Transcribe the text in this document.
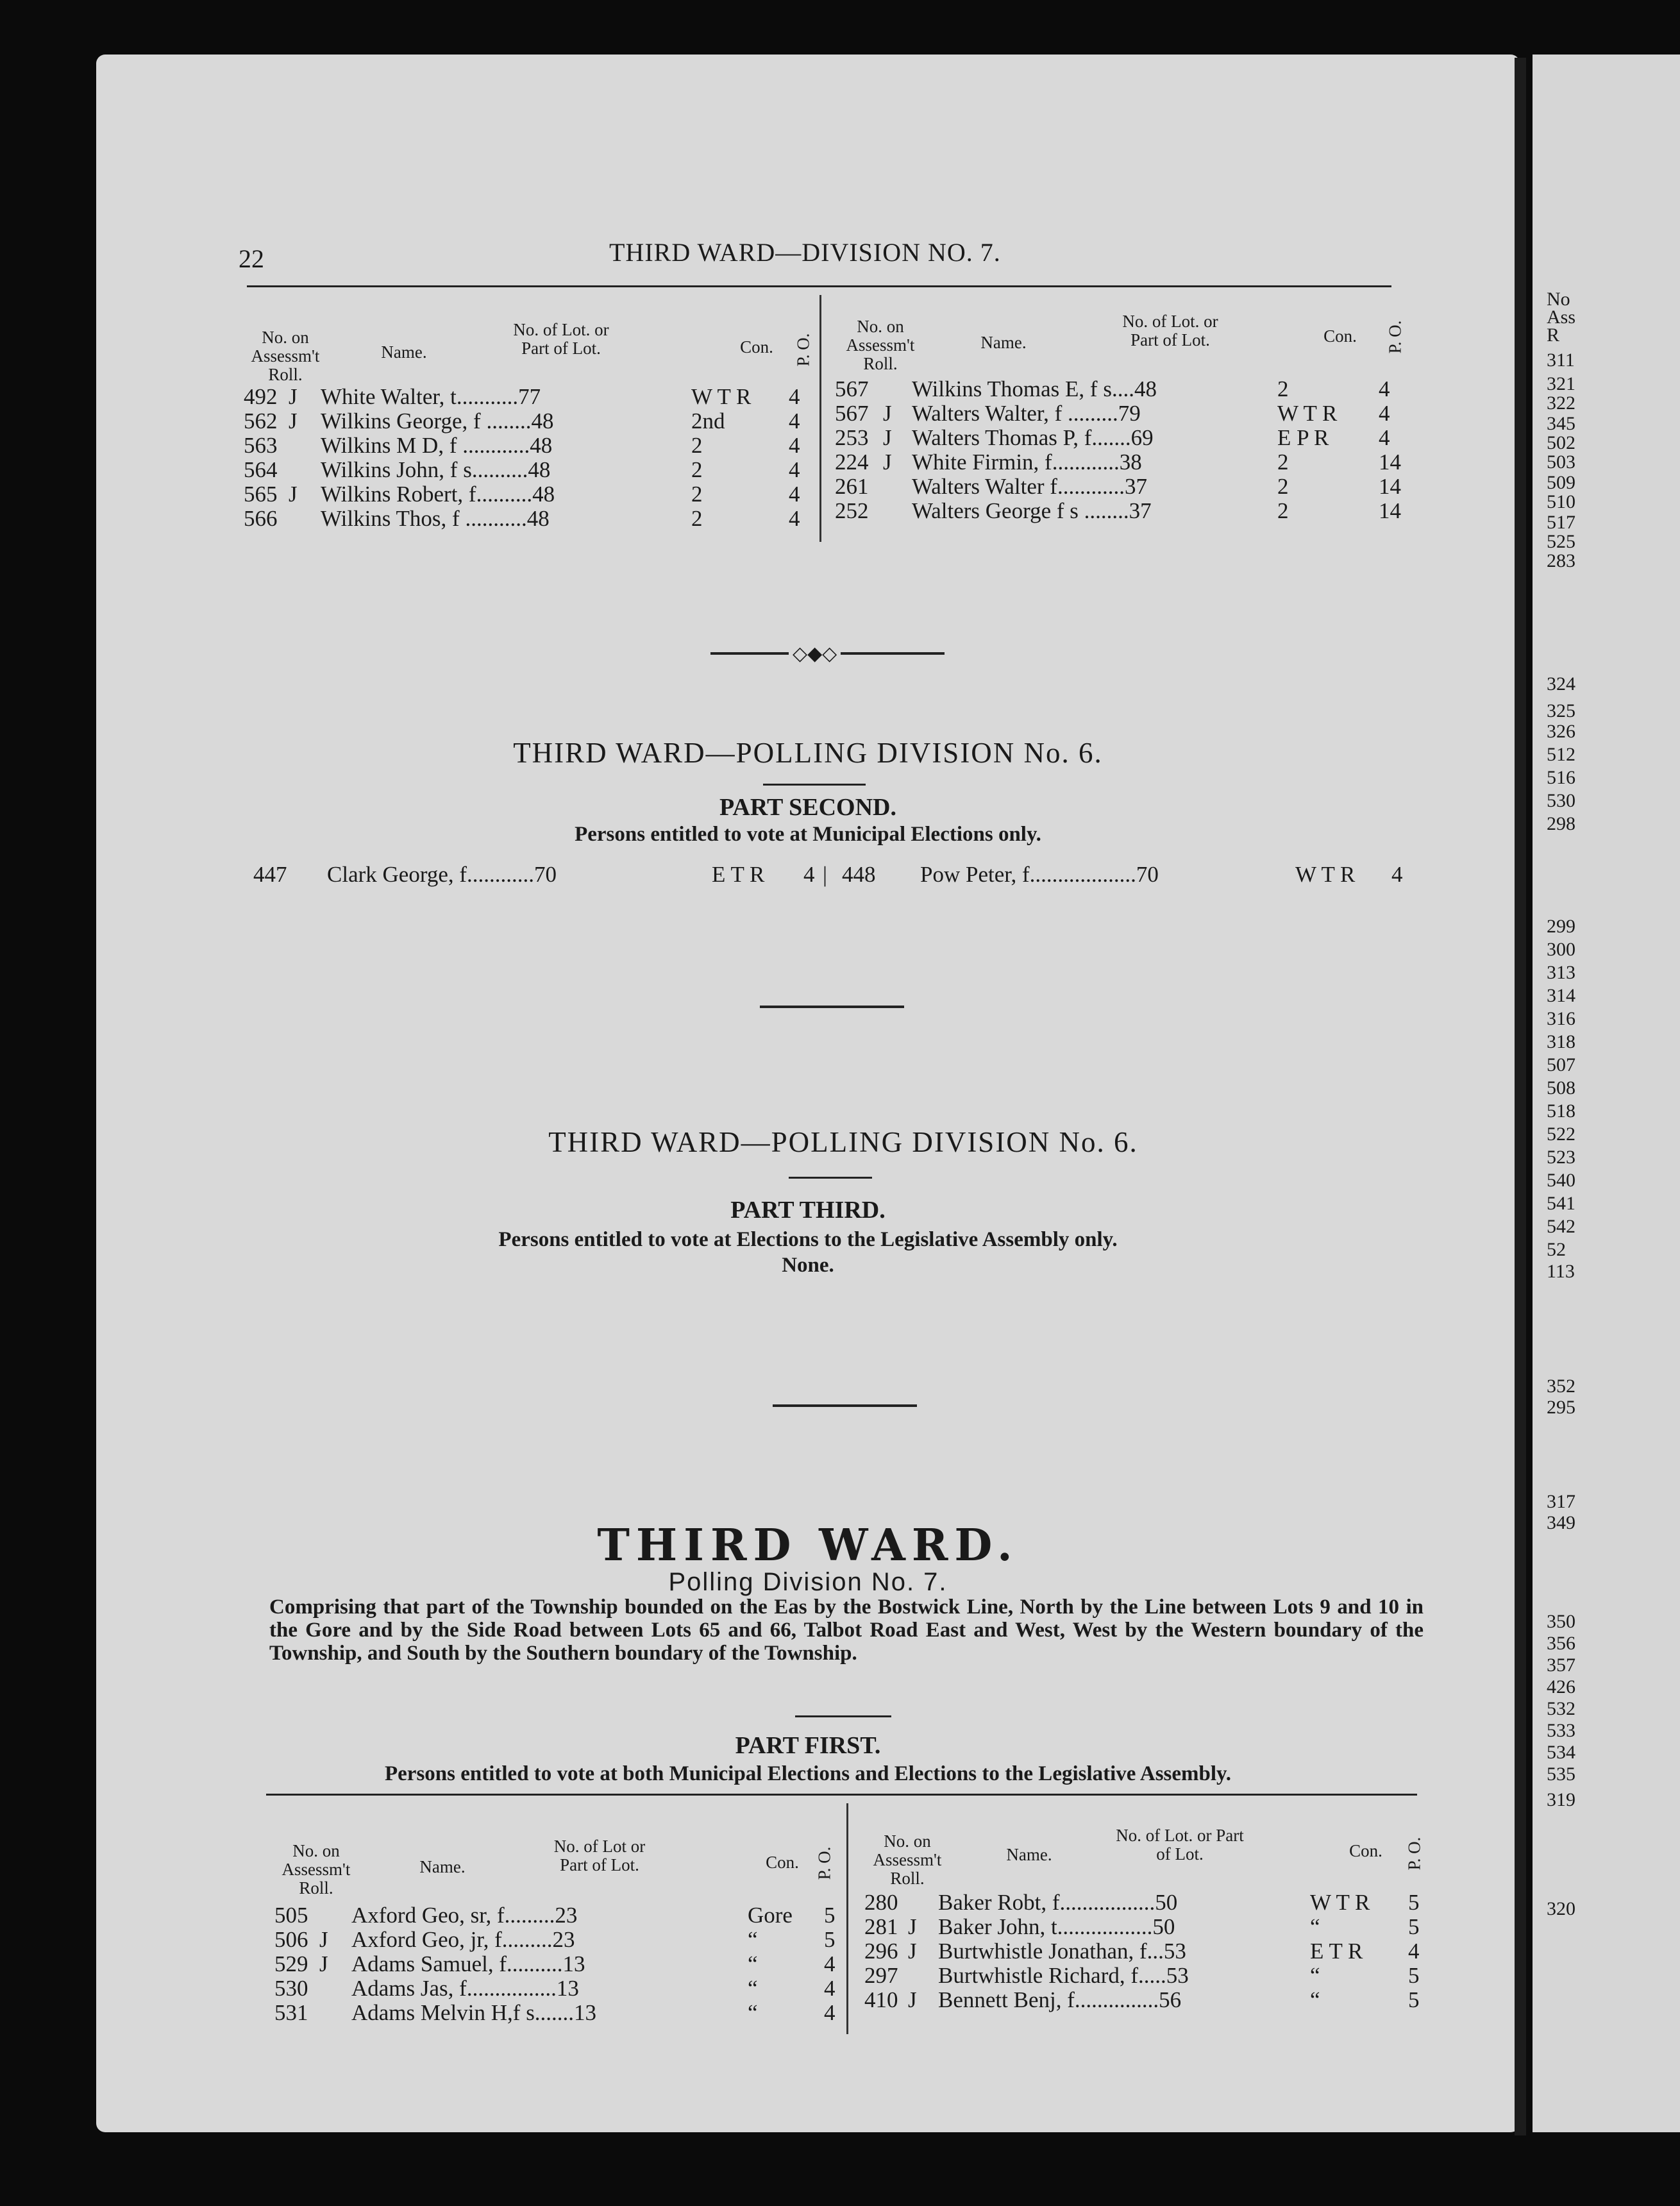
22	THIRD WARD—DIVISION NO. 7.
No. on Assessm't Roll.
Name.
No. of Lot. or Part of Lot.	Con.	P. O.
No. on Assessm't Roll.
Name.
No. of Lot. or Part of Lot.	Con.	P. O.
492 J White Walter, t...........77	W T R 4
562 J Wilkins George, f ........48	2nd	4
563 Wilkins M D, f ............48	2	4
564 Wilkins John, f s..........48	2	4
565 J Wilkins Robert, f..........48	2	4
566 Wilkins Thos, f ...........48	2	4
567 Wilkins Thomas E, f s....48	2	4
567 J Walters Walter, f .........79	W T R 4
253 J Walters Thomas P, f.......69	E P R 4
224 J White Firmin, f............38	2	14
261 Walters Walter f............37	2	14
252 Walters George f s ........37	2	14
◇◆◇
THIRD WARD—POLLING DIVISION No. 6.
PART SECOND.
Persons entitled to vote at Municipal Elections only.
447 Clark George, f............70	E T R 4 | 448 Pow Peter, f...................70	W T R 4
THIRD WARD—POLLING DIVISION No. 6.
PART THIRD.
Persons entitled to vote at Elections to the Legislative Assembly only.
None.
THIRD WARD.
Polling Division No. 7.
Comprising that part of the Township bounded on the Eas by the Bostwick Line, North by the Line between Lots 9 and 10 in the Gore and by the Side Road between Lots 65 and 66, Talbot Road East and West, West by the Western boundary of the Township, and South by the Southern boundary of the Township.
PART FIRST.
Persons entitled to vote at both Municipal Elections and Elections to the Legislative Assembly.
No. on Assessm't Roll.
Name.
No. of Lot or Part of Lot.	Con. P. O.
No. on Assessm't Roll.
Name.
No. of Lot. or Part of Lot.	Con.	P. O.
505 Axford Geo, sr, f.........23	Gore 5
506 J Axford Geo, jr, f.........23	“	5
529 J Adams Samuel, f..........13	“	4
530 Adams Jas, f................13	“	4
531 Adams Melvin H,f s.......13	“	4
280 Baker Robt, f.................50	W T R 5
281 J Baker John, t.................50	“	5
296 J Burtwhistle Jonathan, f...53	E T R 4
297 Burtwhistle Richard, f.....53	“	5
410 J Bennett Benj, f...............56	“	5
No
Ass
R
311
321
322
345
502
503
509
510
517
525
283
324
325
326
512
516
530
298
299
300
313
314
316
318
507
508
518
522
523
540
541
542
52
113
352
295
317
349
350
356
357
426
532
533
534
535
319
320
